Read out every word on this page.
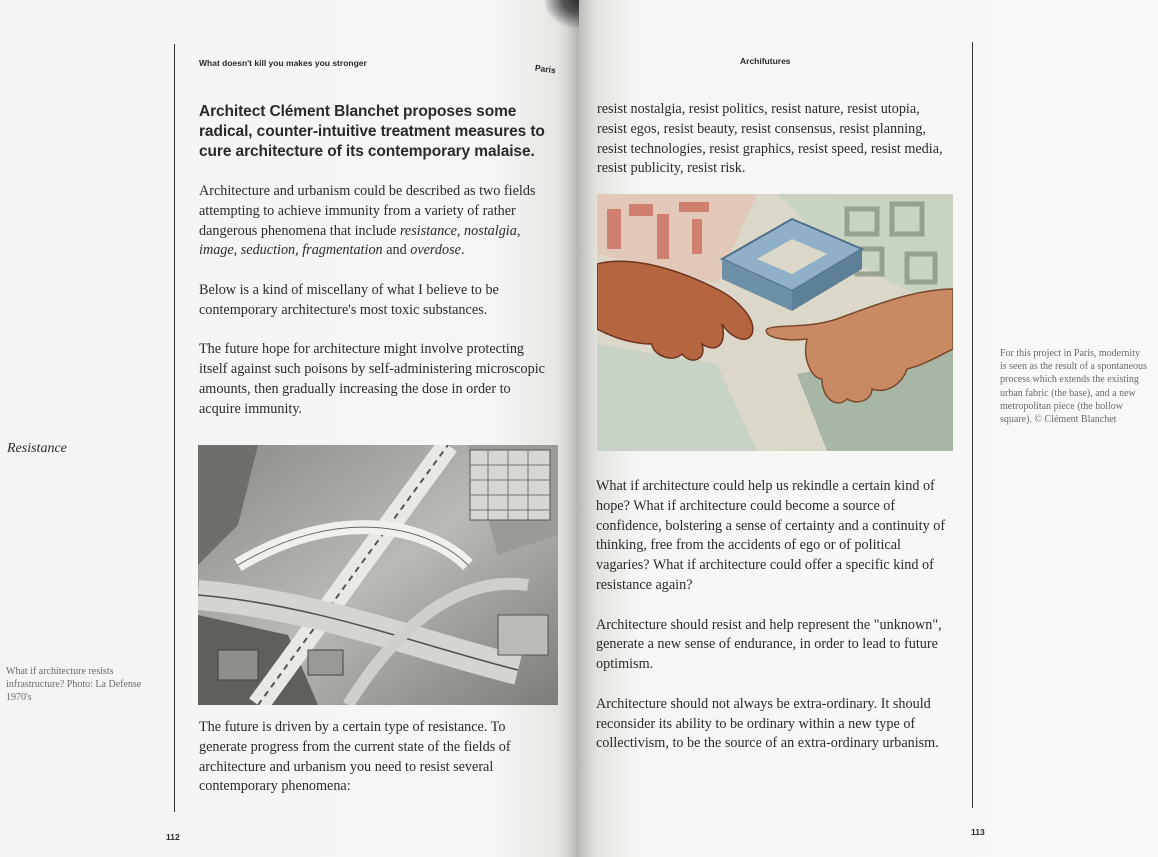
What doesn't kill you makes you stronger	Paris
Architect Clément Blanchet proposes some radical, counter-intuitive treatment measures to cure architecture of its contemporary malaise.

Architecture and urbanism could be described as two fields attempting to achieve immunity from a variety of rather dangerous phenomena that include resistance, nostalgia, image, seduction, fragmentation and overdose.

Below is a kind of miscellany of what I believe to be contemporary architecture's most toxic substances.

The future hope for architecture might involve protecting itself against such poisons by self-administering microscopic amounts, then gradually increasing the dose in order to acquire immunity.

Resistance
What if architecture resists infrastructure? Photo: La Defense 1970's
The future is driven by a certain type of resistance. To generate progress from the current state of the fields of architecture and urbanism you need to resist several contemporary phenomena:
112
Archifutures
resist nostalgia, resist politics, resist nature, resist utopia, resist egos, resist beauty, resist consensus, resist planning, resist technologies, resist graphics, resist speed, resist media, resist publicity, resist risk.
For this project in Paris, modernity is seen as the result of a spontaneous process which extends the existing urban fabric (the base), and a new metropolitan piece (the hollow square). © Clément Blanchet

What if architecture could help us rekindle a certain kind of hope? What if architecture could become a source of confidence, bolstering a sense of certainty and a continuity of thinking, free from the accidents of ego or of political vagaries? What if architecture could offer a specific kind of resistance again?

Architecture should resist and help represent the "unknown", generate a new sense of endurance, in order to lead to future optimism.

Architecture should not always be extra-ordinary. It should reconsider its ability to be ordinary within a new type of collectivism, to be the source of an extra-ordinary urbanism.

113
